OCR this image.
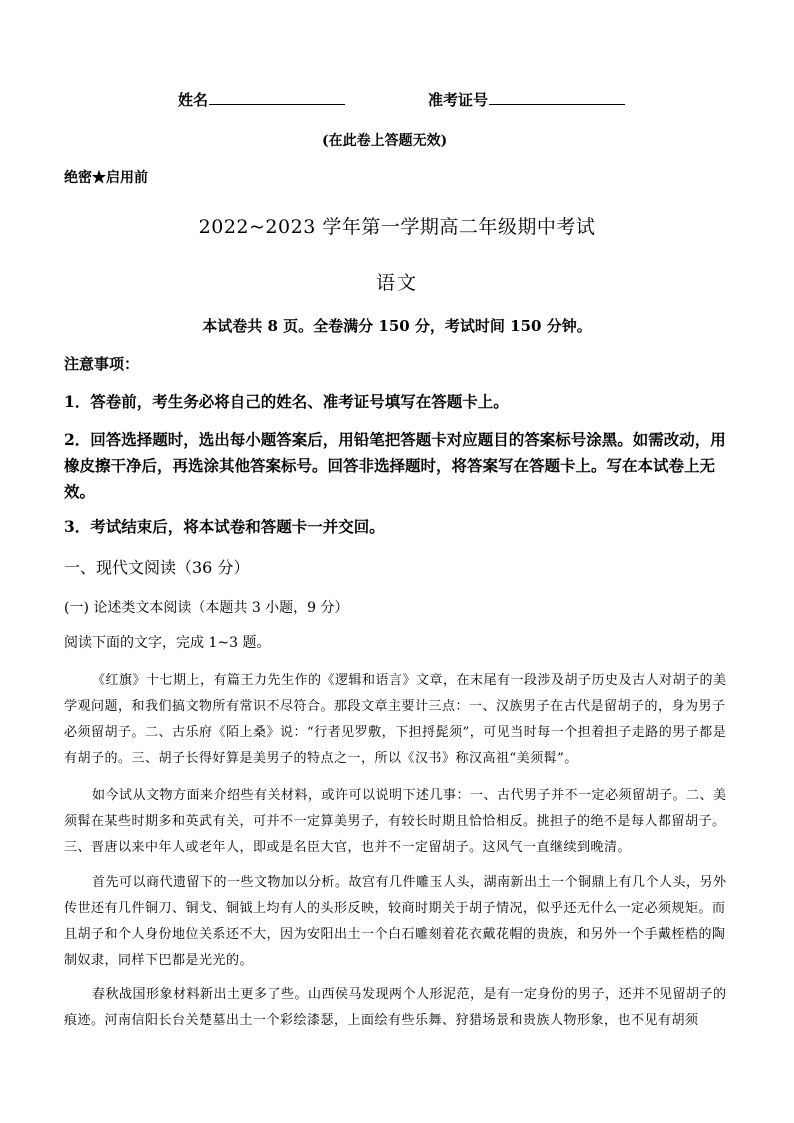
姓名	准考证号
(在此卷上答题无效)
绝密★启用前
2022~2023 学年第一学期高二年级期中考试
语文
本试卷共 8 页。全卷满分 150 分，考试时间 150 分钟。
注意事项：
1．答卷前，考生务必将自己的姓名、准考证号填写在答题卡上。
2．回答选择题时，选出每小题答案后，用铅笔把答题卡对应题目的答案标号涂黑。如需改动，用橡皮擦干净后，再选涂其他答案标号。回答非选择题时，将答案写在答题卡上。写在本试卷上无效。
3．考试结束后，将本试卷和答题卡一并交回。
一、现代文阅读（36 分）
(一) 论述类文本阅读（本题共 3 小题，9 分）
阅读下面的文字，完成 1~3 题。
《红旗》十七期上，有篇王力先生作的《逻辑和语言》文章，在末尾有一段涉及胡子历史及古人对胡子的美学观问题，和我们搞文物所有常识不尽符合。那段文章主要计三点：一、汉族男子在古代是留胡子的，身为男子必须留胡子。二、古乐府《陌上桑》说：“行者见罗敷，下担捋髭须”，可见当时每一个担着担子走路的男子都是有胡子的。三、胡子长得好算是美男子的特点之一，所以《汉书》称汉高祖“美须髯”。
如今试从文物方面来介绍些有关材料，或许可以说明下述几事：一、古代男子并不一定必须留胡子。二、美须髯在某些时期多和英武有关，可并不一定算美男子，有较长时期且恰恰相反。挑担子的绝不是每人都留胡子。三、晋唐以来中年人或老年人，即或是名臣大官，也并不一定留胡子。这风气一直继续到晚清。
首先可以商代遗留下的一些文物加以分析。故宫有几件雕玉人头，湖南新出土一个铜鼎上有几个人头，另外传世还有几件铜刀、铜戈、铜钺上均有人的头形反映，较商时期关于胡子情况，似乎还无什么一定必须规矩。而且胡子和个人身份地位关系还不大，因为安阳出土一个白石雕刻着花衣戴花帽的贵族，和另外一个手戴桎梏的陶制奴隶，同样下巴都是光光的。
春秋战国形象材料新出土更多了些。山西侯马发现两个人形泥范，是有一定身份的男子，还并不见留胡子的痕迹。河南信阳长台关楚墓出土一个彩绘漆瑟，上面绘有些乐舞、狩猎场景和贵族人物形象，也不见有胡须
